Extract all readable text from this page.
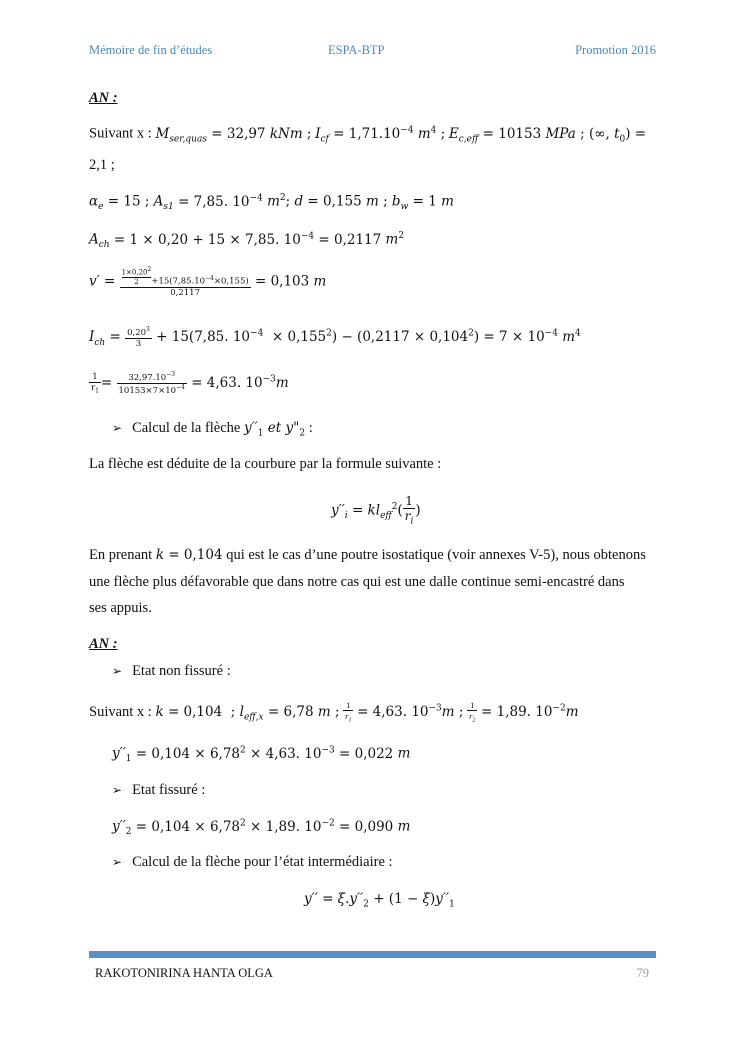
Mémoire de fin d’études	ESPA-BTP	Promotion 2016
AN :
Suivant x : $M_{ser,quas} = 32,97$ kNm ; $I_{cf} = 1,71.10^{-4}$ $m^4$ ; $E_{c,eff} = 10153$ MPa ; (∞, $t_0$) =
2,1 ;
$\alpha_e = 15$ ; $A_{s1} = 7,85$. $10^{-4}$ $m^2$; d = 0,155 m ; $b_w = 1$ m
$A_{ch} = 1 \times 0,20 + 15 \times 7,85$. $10^{-4} = 0,2117$ $m^2$
$v' = \frac{\frac{1\times 0,20^2}{2} +15(7,85.10^{-4}\times 0,155)}{0,2117} = 0,103$ m
$I_{ch} = \frac{0,20^3}{3} + 15(7,85$. $10^{-4} \times 0,155^2) - (0,2117 \times 0,104^2) = 7 \times 10^{-4}$ $m^4$
$\frac{1}{r_1} = \frac{32,97.10^{-3}}{10153\times 7\times 10^{-4}} = 4,63$. $10^{-3}m$
➢ Calcul de la flèche $y''_1$ et $y"_2$ :
La flèche est déduite de la courbure par la formule suivante :
$y''_i = kl_{eff}^2( \frac{1}{r_i}$ )
En prenant k = 0,104 qui est le cas d’une poutre isostatique (voir annexes V-5), nous obtenons
une flèche plus défavorable que dans notre cas qui est une dalle continue semi-encastré dans
ses appuis.
AN :
➢ Etat non fissuré :
Suivant x : k = 0,104  ; $l_{eff,x} = 6,78$ m ; $\frac{1}{r_1} = 4,63$. $10^{-3}m$ ; $\frac{1}{r_2} = 1,89$. $10^{-2}m$
$y''_1 = 0,104 \times 6,78^2 \times 4,63$. $10^{-3} = 0,022$ m
➢ Etat fissuré :
$y''_2 = 0,104 \times 6,78^2 \times 1,89$. $10^{-2} = 0,090$ m
➢ Calcul de la flèche pour l’état intermédiaire :
$y'' = \xi.y''_2 + (1 - \xi)y''_1$
RAKOTONIRINA HANTA OLGA	79
